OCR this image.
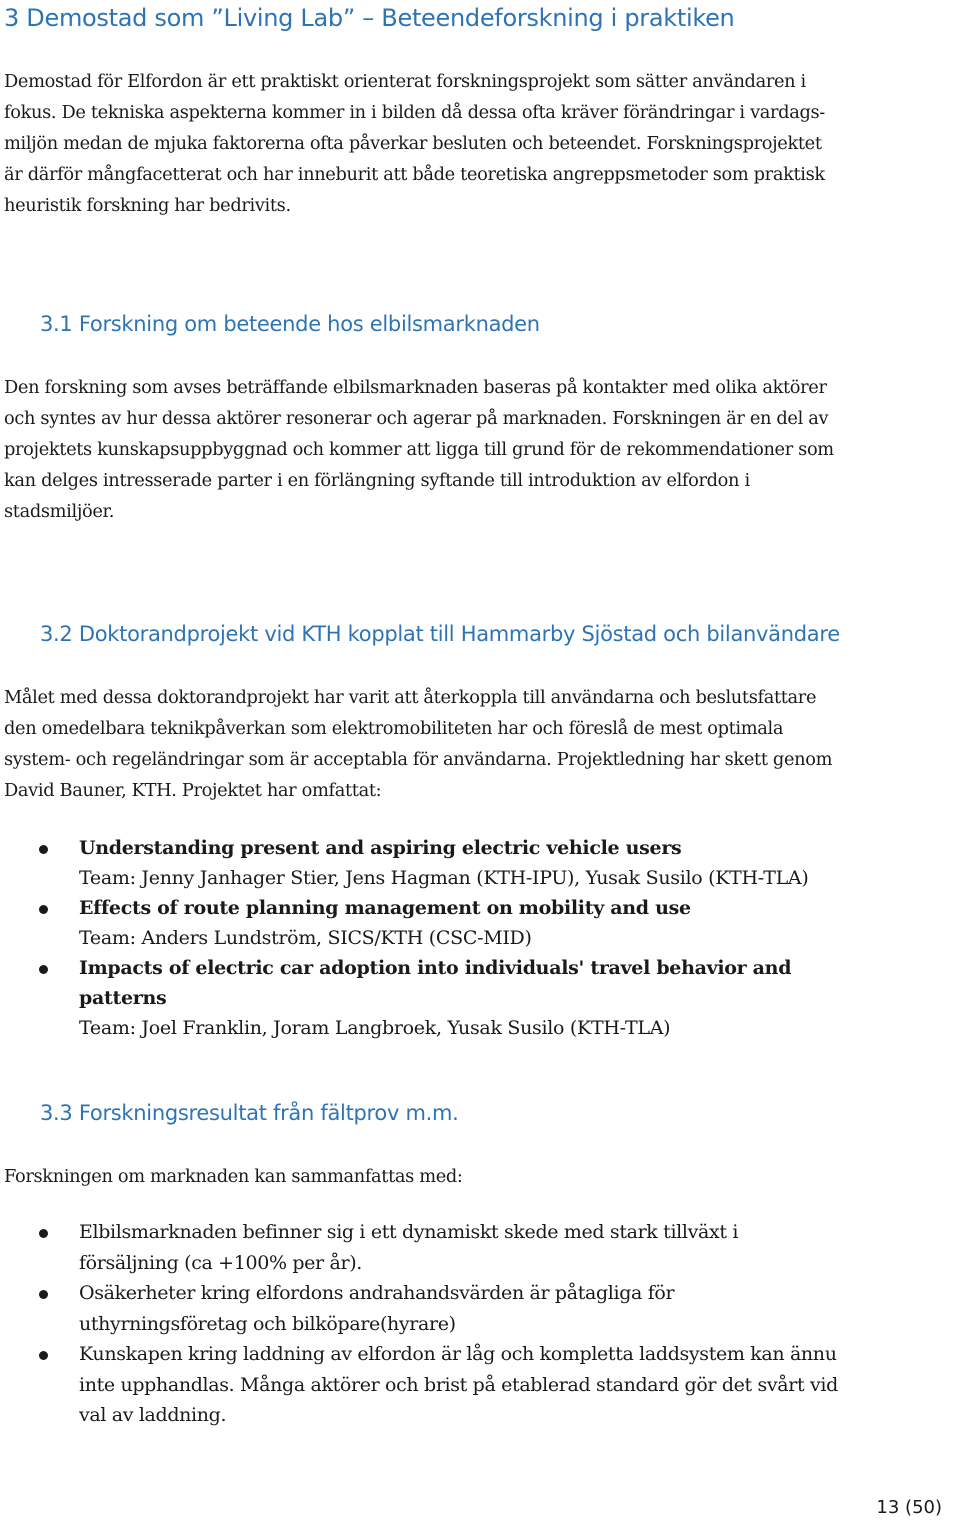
3 Demostad som ”Living Lab” – Beteendeforskning i praktiken
Demostad för Elfordon är ett praktiskt orienterat forskningsprojekt som sätter användaren i
fokus. De tekniska aspekterna kommer in i bilden då dessa ofta kräver förändringar i vardags-
miljön medan de mjuka faktorerna ofta påverkar besluten och beteendet. Forskningsprojektet
är därför mångfacetterat och har inneburit att både teoretiska angreppsmetoder som praktisk
heuristik forskning har bedrivits.
3.1 Forskning om beteende hos elbilsmarknaden
Den forskning som avses beträffande elbilsmarknaden baseras på kontakter med olika aktörer
och syntes av hur dessa aktörer resonerar och agerar på marknaden. Forskningen är en del av
projektets kunskapsuppbyggnad och kommer att ligga till grund för de rekommendationer som
kan delges intresserade parter i en förlängning syftande till introduktion av elfordon i
stadsmiljöer.
3.2 Doktorandprojekt vid KTH kopplat till Hammarby Sjöstad och bilanvändare
Målet med dessa doktorandprojekt har varit att återkoppla till användarna och beslutsfattare
den omedelbara teknikpåverkan som elektromobiliteten har och föreslå de mest optimala
system- och regeländringar som är acceptabla för användarna. Projektledning har skett genom
David Bauner, KTH. Projektet har omfattat:
Understanding present and aspiring electric vehicle users
Team: Jenny Janhager Stier, Jens Hagman (KTH-IPU), Yusak Susilo (KTH-TLA)
Effects of route planning management on mobility and use
Team: Anders Lundström, SICS/KTH (CSC-MID)
Impacts of electric car adoption into individuals' travel behavior and
patterns
Team: Joel Franklin, Joram Langbroek, Yusak Susilo (KTH-TLA)
3.3 Forskningsresultat från fältprov m.m.
Forskningen om marknaden kan sammanfattas med:
Elbilsmarknaden befinner sig i ett dynamiskt skede med stark tillväxt i
försäljning (ca +100% per år).
Osäkerheter kring elfordons andrahandsvärden är påtagliga för
uthyrningsföretag och bilköpare(hyrare)
Kunskapen kring laddning av elfordon är låg och kompletta laddsystem kan ännu
inte upphandlas. Många aktörer och brist på etablerad standard gör det svårt vid
val av laddning.
13 (50)
